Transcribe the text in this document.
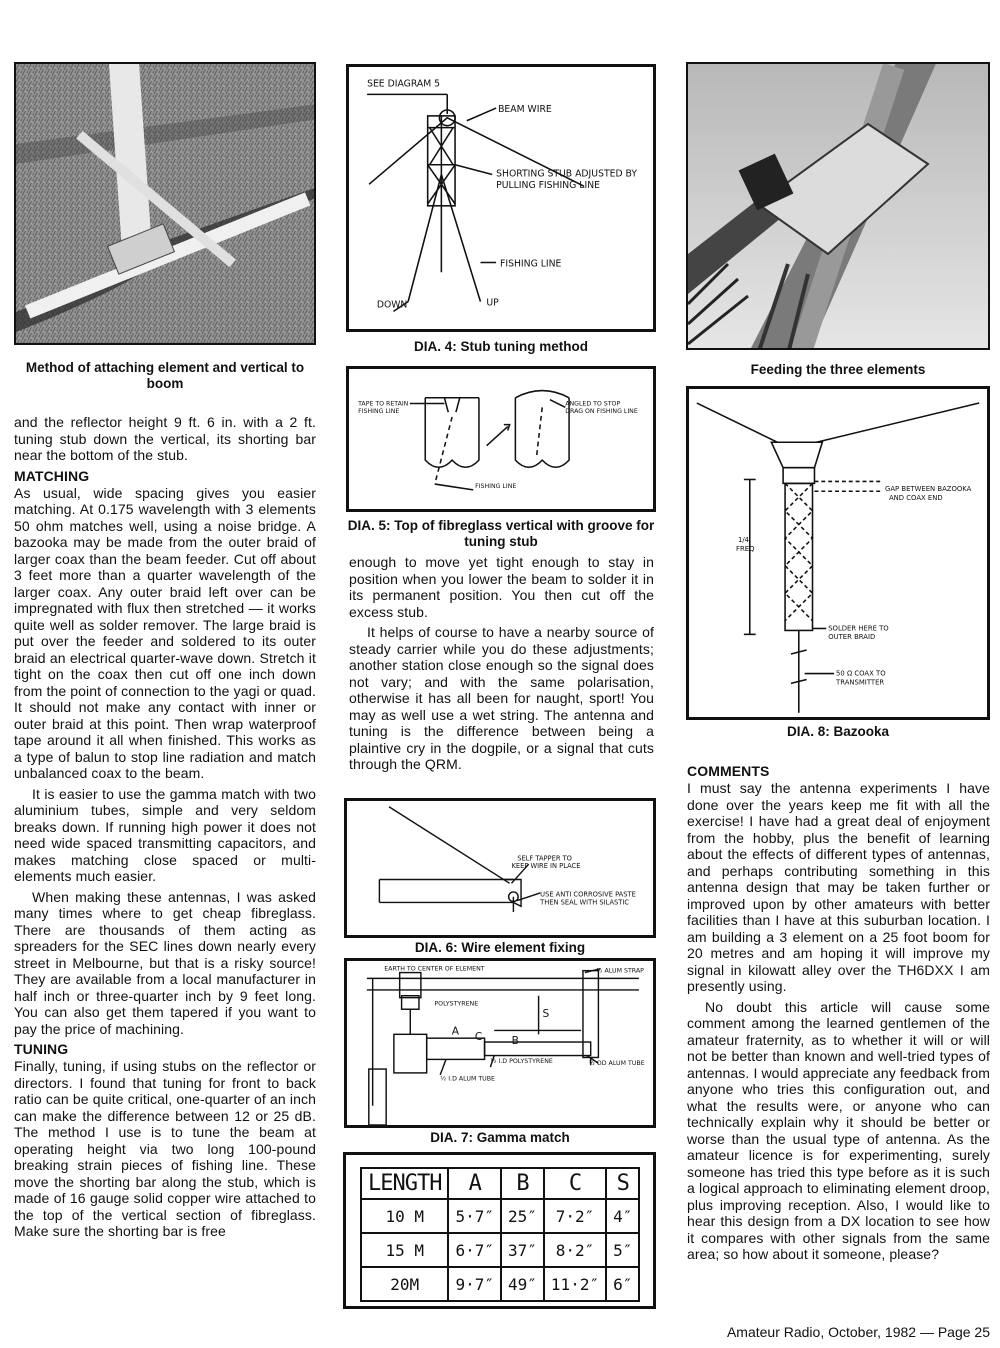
Method of attaching element and vertical to boom
SEE DIAGRAM 5
BEAM WIRE
SHORTING STUB ADJUSTED BY
PULLING FISHING LINE
FISHING LINE
DOWN	UP
DIA. 4: Stub tuning method
Feeding the three elements
TAPE TO RETAIN
FISHING LINE
ANGLED TO STOP
DRAG ON FISHING LINE
FISHING LINE
DIA. 5: Top of fibreglass vertical with groove for tuning stub
GAP BETWEEN BAZOOKA
AND COAX END
1/4
FREQ
SOLDER HERE TO
OUTER BRAID
50 Ω COAX TO
TRANSMITTER
DIA. 8: Bazooka
SELF TAPPER TO
KEEP WIRE IN PLACE
USE ANTI CORROSIVE PASTE
THEN SEAL WITH SILASTIC
DIA. 6: Wire element fixing
EARTH TO CENTER OF ELEMENT	½ ALUM STRAP
POLYSTYRENE
½ I.D POLYSTYRENE	½ OD ALUM TUBE
½ I.D ALUM TUBE
A C	B
S
DIA. 7: Gamma match
LENGTH	A	B	C	S
10 M	5·7″	25″	7·2″	4″
15 M	6·7″	37″	8·2″	5″
20M	9·7″	49″	11·2″	6″

and the reflector height 9 ft. 6 in. with a 2 ft. tuning stub down the vertical, its shorting bar near the bottom of the stub.

MATCHING

As usual, wide spacing gives you easier matching. At 0.175 wavelength with 3 elements 50 ohm matches well, using a noise bridge. A bazooka may be made from the outer braid of larger coax than the beam feeder. Cut off about 3 feet more than a quarter wavelength of the larger coax. Any outer braid left over can be impregnated with flux then stretched — it works quite well as solder remover. The large braid is put over the feeder and soldered to its outer braid an electrical quarter-wave down. Stretch it tight on the coax then cut off one inch down from the point of connection to the yagi or quad. It should not make any contact with inner or outer braid at this point. Then wrap waterproof tape around it all when finished. This works as a type of balun to stop line radiation and match unbalanced coax to the beam.

It is easier to use the gamma match with two aluminium tubes, simple and very seldom breaks down. If running high power it does not need wide spaced transmitting capacitors, and makes matching close spaced or multi-elements much easier.

When making these antennas, I was asked many times where to get cheap fibreglass. There are thousands of them acting as spreaders for the SEC lines down nearly every street in Melbourne, but that is a risky source! They are available from a local manufacturer in half inch or three-quarter inch by 9 feet long. You can also get them tapered if you want to pay the price of machining.

TUNING

Finally, tuning, if using stubs on the reflector or directors. I found that tuning for front to back ratio can be quite critical, one-quarter of an inch can make the difference between 12 or 25 dB. The method I use is to tune the beam at operating height via two long 100-pound breaking strain pieces of fishing line. These move the shorting bar along the stub, which is made of 16 gauge solid copper wire attached to the top of the vertical section of fibreglass. Make sure the shorting bar is free

enough to move yet tight enough to stay in position when you lower the beam to solder it in its permanent position. You then cut off the excess stub.

It helps of course to have a nearby source of steady carrier while you do these adjustments; another station close enough so the signal does not vary; and with the same polarisation, otherwise it has all been for naught, sport! You may as well use a wet string. The antenna and tuning is the difference between being a plaintive cry in the dogpile, or a signal that cuts through the QRM.	COMMENTS

I must say the antenna experiments I have done over the years keep me fit with all the exercise! I have had a great deal of enjoyment from the hobby, plus the benefit of learning about the effects of different types of antennas, and perhaps contributing something in this antenna design that may be taken further or improved upon by other amateurs with better facilities than I have at this suburban location. I am building a 3 element on a 25 foot boom for 20 metres and am hoping it will improve my signal in kilowatt alley over the TH6DXX I am presently using.

No doubt this article will cause some comment among the learned gentlemen of the amateur fraternity, as to whether it will or will not be better than known and well-tried types of antennas. I would appreciate any feedback from anyone who tries this configuration out, and what the results were, or anyone who can technically explain why it should be better or worse than the usual type of antenna. As the amateur licence is for experimenting, surely someone has tried this type before as it is such a logical approach to eliminating element droop, plus improving reception. Also, I would like to hear this design from a DX location to see how it compares with other signals from the same area; so how about it someone, please?

Amateur Radio, October, 1982 — Page 25
